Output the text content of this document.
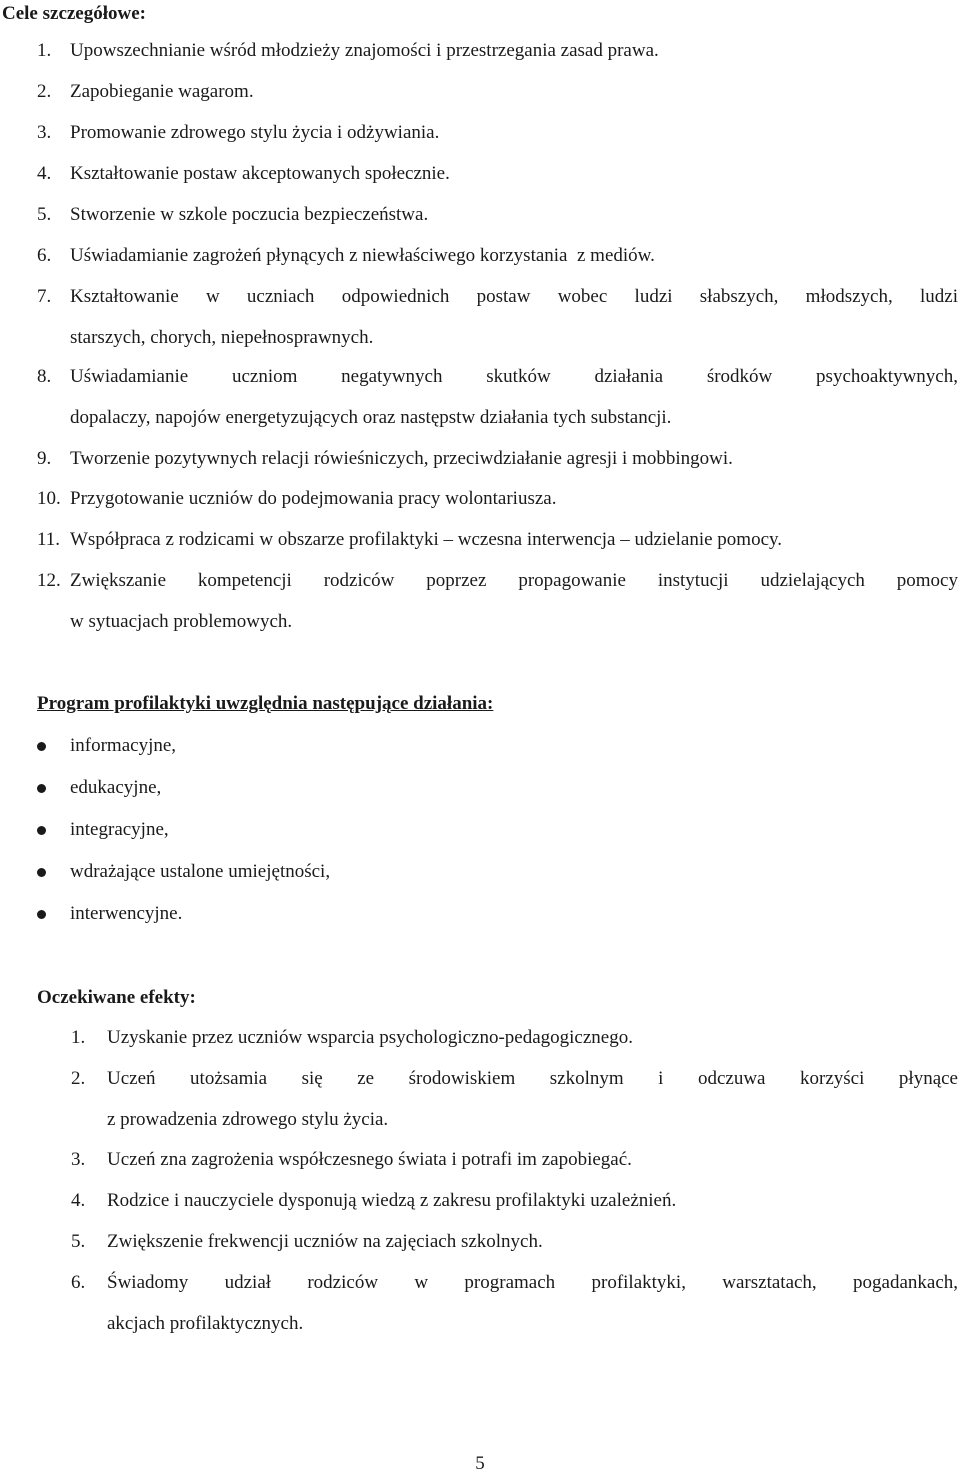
Cele szczegółowe:
1. Upowszechnianie wśród młodzieży znajomości i przestrzegania zasad prawa.
2. Zapobieganie wagarom.
3. Promowanie zdrowego stylu życia i odżywiania.
4. Kształtowanie postaw akceptowanych społecznie.
5. Stworzenie w szkole poczucia bezpieczeństwa.
6. Uświadamianie zagrożeń płynących z niewłaściwego korzystania  z mediów.
7. Kształtowanie w uczniach odpowiednich postaw wobec ludzi słabszych, młodszych, ludzi
starszych, chorych, niepełnosprawnych.
8. Uświadamianie uczniom negatywnych skutków działania środków psychoaktywnych,
dopalaczy, napojów energetyzujących oraz następstw działania tych substancji.
9. Tworzenie pozytywnych relacji rówieśniczych, przeciwdziałanie agresji i mobbingowi.
10. Przygotowanie uczniów do podejmowania pracy wolontariusza.
11. Współpraca z rodzicami w obszarze profilaktyki – wczesna interwencja – udzielanie pomocy.
12. Zwiększanie kompetencji rodziców poprzez propagowanie instytucji udzielających pomocy
w sytuacjach problemowych.
Program profilaktyki uwzględnia następujące działania:
informacyjne,
edukacyjne,
integracyjne,
wdrażające ustalone umiejętności,
interwencyjne.
Oczekiwane efekty:
1. Uzyskanie przez uczniów wsparcia psychologiczno-pedagogicznego.
2. Uczeń utożsamia się ze środowiskiem szkolnym i odczuwa korzyści płynące
z prowadzenia zdrowego stylu życia.
3. Uczeń zna zagrożenia współczesnego świata i potrafi im zapobiegać.
4. Rodzice i nauczyciele dysponują wiedzą z zakresu profilaktyki uzależnień.
5. Zwiększenie frekwencji uczniów na zajęciach szkolnych.
6. Świadomy udział rodziców w programach profilaktyki, warsztatach, pogadankach,
akcjach profilaktycznych.
5
